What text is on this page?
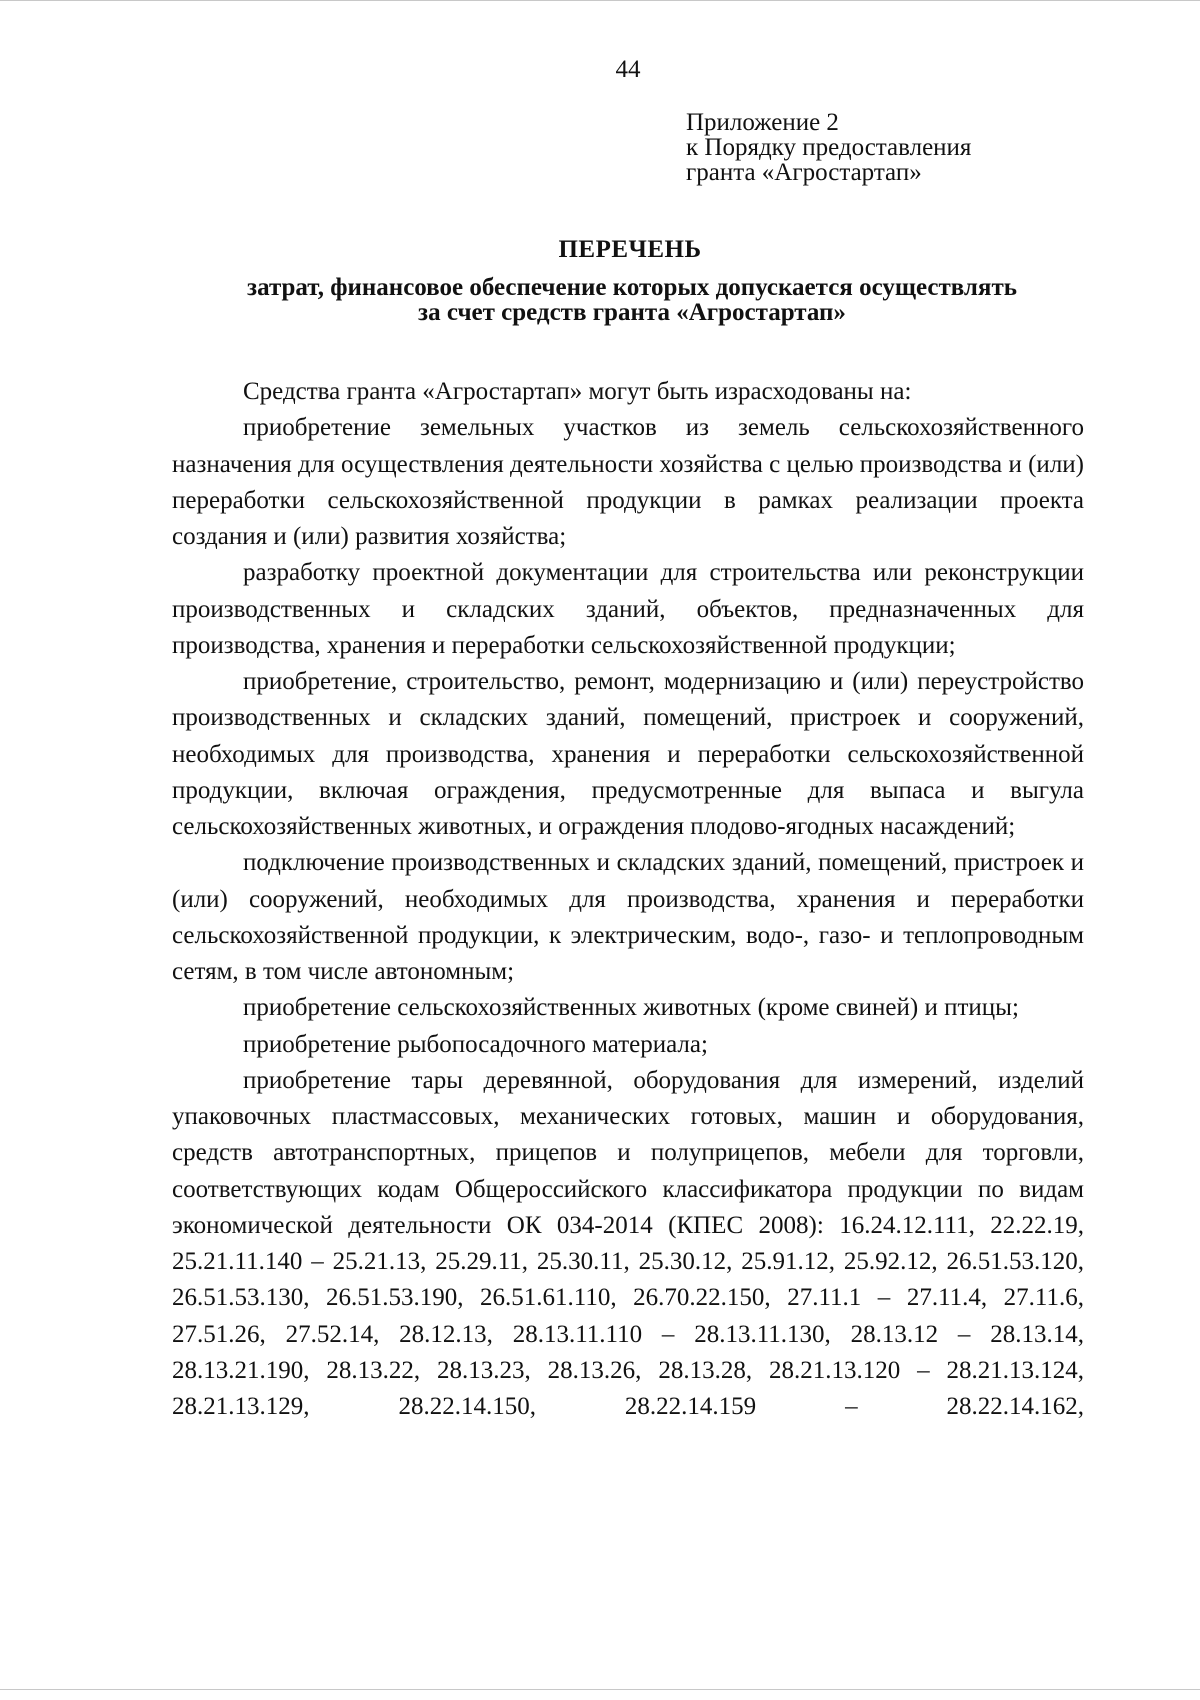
44
Приложение 2
к Порядку предоставления
гранта «Агростартап»
ПЕРЕЧЕНЬ
затрат, финансовое обеспечение которых допускается осуществлять
за счет средств гранта «Агростартап»

Средства гранта «Агростартап» могут быть израсходованы на:

приобретение земельных участков из земель сельскохозяйственного назначения для осуществления деятельности хозяйства с целью производства и (или) переработки сельскохозяйственной продукции в рамках реализации проекта создания и (или) развития хозяйства;

разработку проектной документации для строительства или реконструкции производственных и складских зданий, объектов, предназначенных для производства, хранения и переработки сельскохозяйственной продукции;

приобретение, строительство, ремонт, модернизацию и (или) переустройство производственных и складских зданий, помещений, пристроек и сооружений, необходимых для производства, хранения и переработки сельскохозяйственной продукции, включая ограждения, предусмотренные для выпаса и выгула сельскохозяйственных животных, и ограждения плодово-ягодных насаждений;

подключение производственных и складских зданий, помещений, пристроек и (или) сооружений, необходимых для производства, хранения и переработки сельскохозяйственной продукции, к электрическим, водо-, газо- и теплопроводным сетям, в том числе автономным;

приобретение сельскохозяйственных животных (кроме свиней) и птицы;

приобретение рыбопосадочного материала;

приобретение тары деревянной, оборудования для измерений, изделий упаковочных пластмассовых, механических готовых, машин и оборудования, средств автотранспортных, прицепов и полуприцепов, мебели для торговли, соответствующих кодам Общероссийского классификатора продукции по видам экономической деятельности ОК 034-2014 (КПЕС 2008): 16.24.12.111, 22.22.19, 25.21.11.140 – 25.21.13, 25.29.11, 25.30.11, 25.30.12, 25.91.12, 25.92.12, 26.51.53.120, 26.51.53.130, 26.51.53.190, 26.51.61.110, 26.70.22.150, 27.11.1 – 27.11.4, 27.11.6, 27.51.26, 27.52.14, 28.12.13, 28.13.11.110 – 28.13.11.130, 28.13.12 – 28.13.14, 28.13.21.190, 28.13.22, 28.13.23, 28.13.26, 28.13.28, 28.21.13.120 – 28.21.13.124, 28.21.13.129, 28.22.14.150, 28.22.14.159 – 28.22.14.162,
